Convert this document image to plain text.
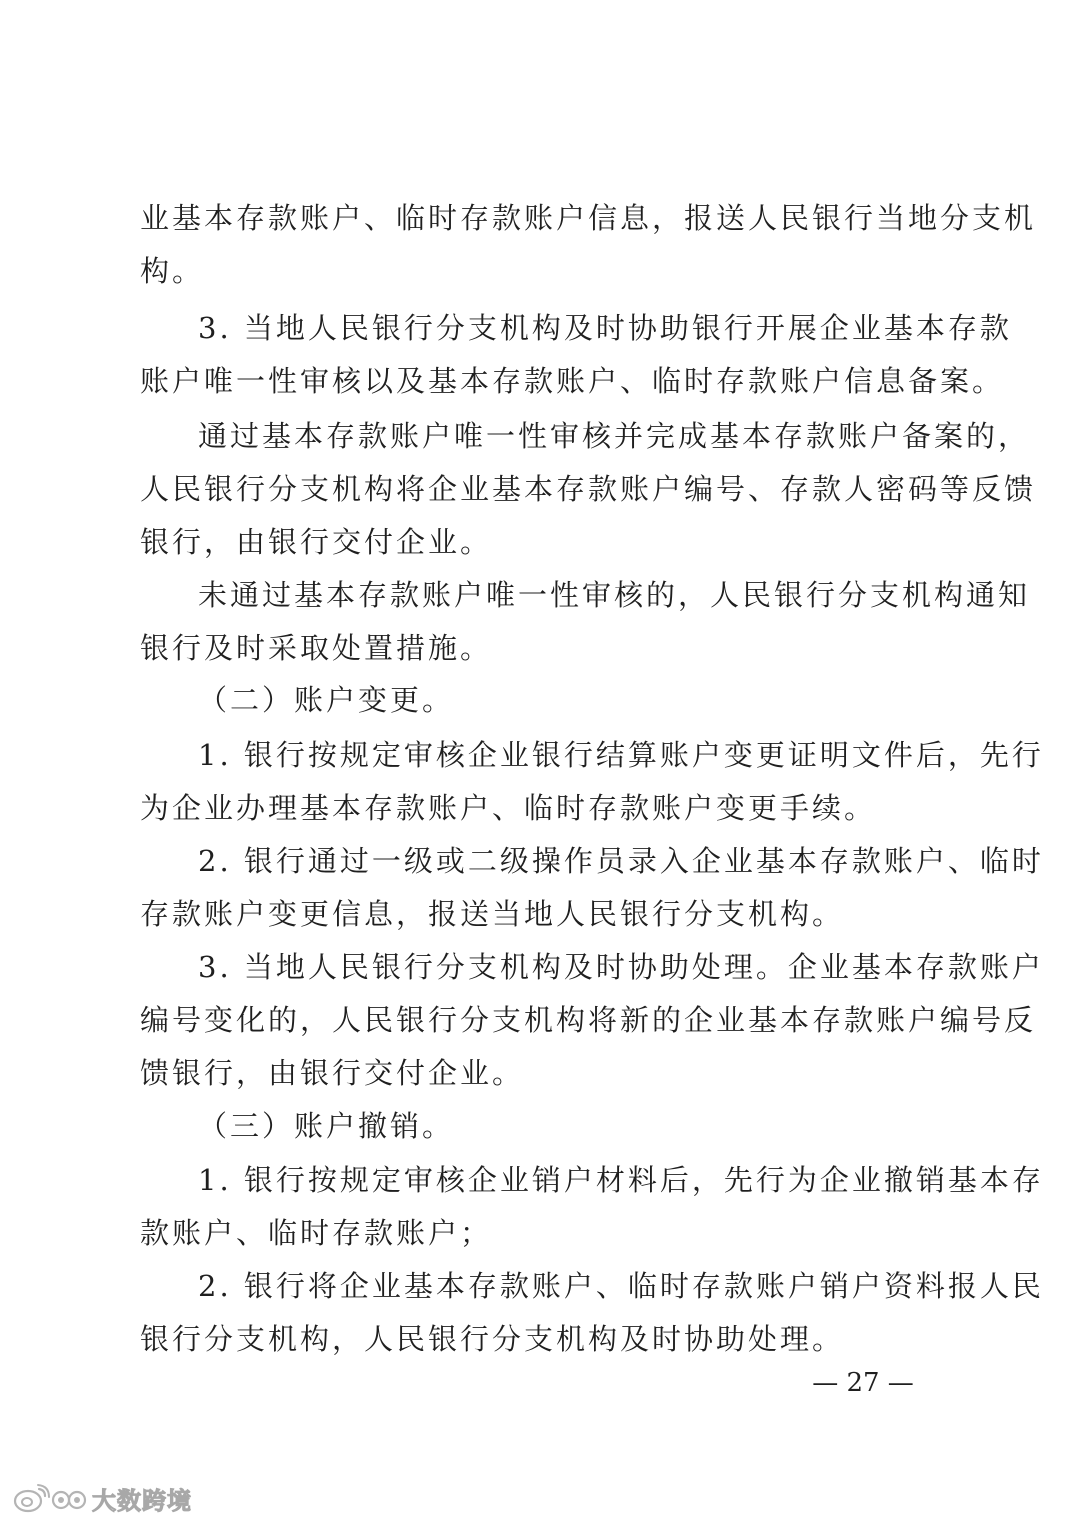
业基本存款账户、临时存款账户信息，报送人民银行当地分支机
构。
3. 当地人民银行分支机构及时协助银行开展企业基本存款
账户唯一性审核以及基本存款账户、临时存款账户信息备案。
通过基本存款账户唯一性审核并完成基本存款账户备案的，
人民银行分支机构将企业基本存款账户编号、存款人密码等反馈
银行，由银行交付企业。
未通过基本存款账户唯一性审核的，人民银行分支机构通知
银行及时采取处置措施。
（二）账户变更。
1. 银行按规定审核企业银行结算账户变更证明文件后，先行
为企业办理基本存款账户、临时存款账户变更手续。
2. 银行通过一级或二级操作员录入企业基本存款账户、临时
存款账户变更信息，报送当地人民银行分支机构。
3. 当地人民银行分支机构及时协助处理。企业基本存款账户
编号变化的，人民银行分支机构将新的企业基本存款账户编号反
馈银行，由银行交付企业。
（三）账户撤销。
1. 银行按规定审核企业销户材料后，先行为企业撤销基本存
款账户、临时存款账户；
2. 银行将企业基本存款账户、临时存款账户销户资料报人民
银行分支机构，人民银行分支机构及时协助处理。
— 27 —
大数跨境
